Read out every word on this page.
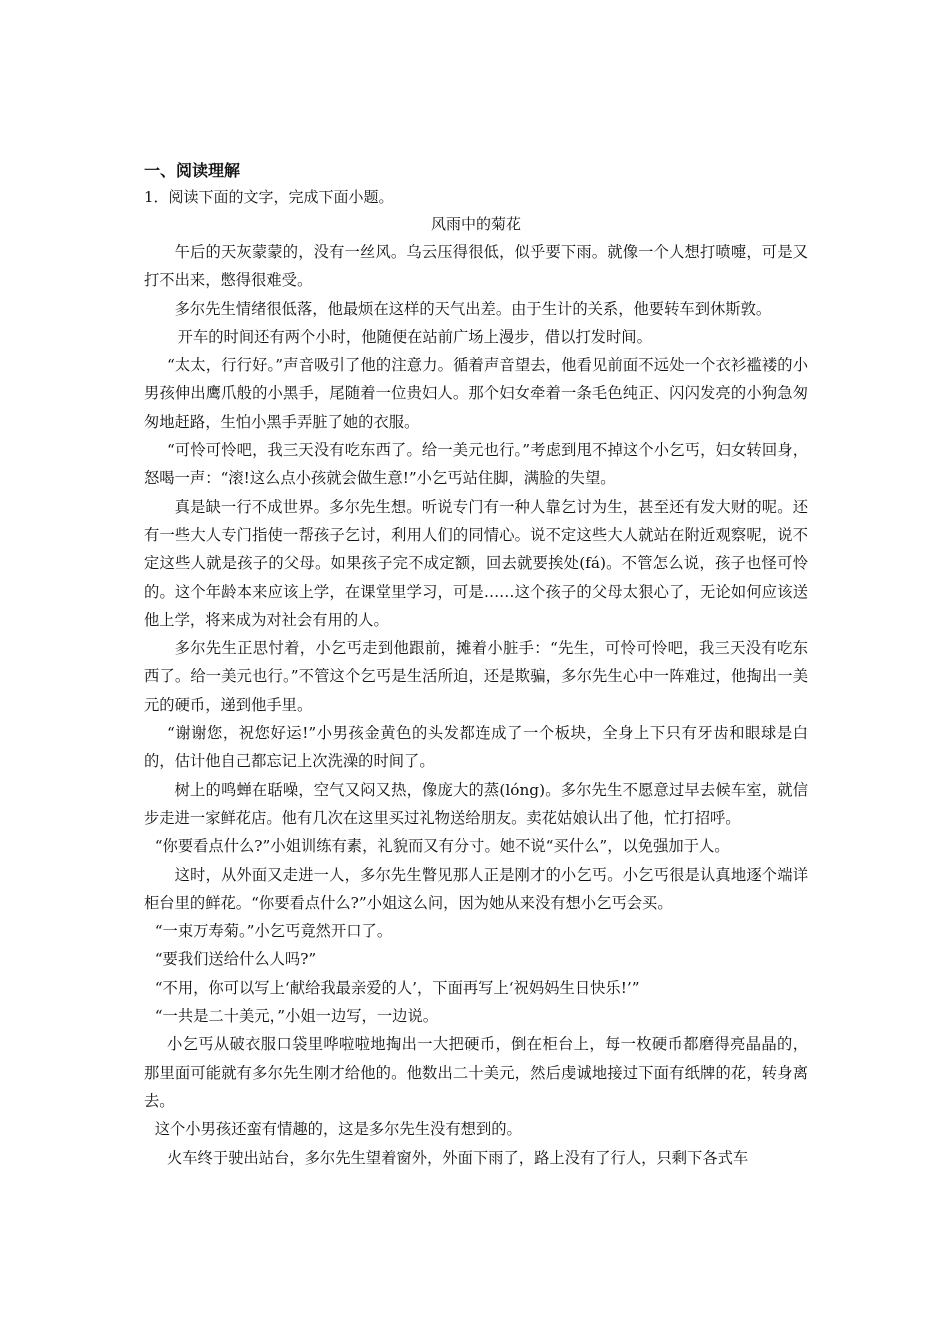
一、阅读理解

1．阅读下面的文字，完成下面小题。

风雨中的菊花

午后的天灰蒙蒙的，没有一丝风。乌云压得很低，似乎要下雨。就像一个人想打喷嚏，可是又打不出来，憋得很难受。

多尔先生情绪很低落，他最烦在这样的天气出差。由于生计的关系，他要转车到休斯敦。

开车的时间还有两个小时，他随便在站前广场上漫步，借以打发时间。

“太太，行行好。”声音吸引了他的注意力。循着声音望去，他看见前面不远处一个衣衫褴褛的小男孩伸出鹰爪般的小黑手，尾随着一位贵妇人。那个妇女牵着一条毛色纯正、闪闪发亮的小狗急匆匆地赶路，生怕小黑手弄脏了她的衣服。

“可怜可怜吧，我三天没有吃东西了。给一美元也行。”考虑到甩不掉这个小乞丐，妇女转回身，怒喝一声：“滚!这么点小孩就会做生意!”小乞丐站住脚，满脸的失望。

真是缺一行不成世界。多尔先生想。听说专门有一种人靠乞讨为生，甚至还有发大财的呢。还有一些大人专门指使一帮孩子乞讨，利用人们的同情心。说不定这些大人就站在附近观察呢，说不定这些人就是孩子的父母。如果孩子完不成定额，回去就要挨处(fá)。不管怎么说，孩子也怪可怜的。这个年龄本来应该上学，在课堂里学习，可是……这个孩子的父母太狠心了，无论如何应该送他上学，将来成为对社会有用的人。

多尔先生正思忖着，小乞丐走到他跟前，摊着小脏手：“先生，可怜可怜吧，我三天没有吃东西了。给一美元也行。”不管这个乞丐是生活所迫，还是欺骗，多尔先生心中一阵难过，他掏出一美元的硬币，递到他手里。

“谢谢您，祝您好运!”小男孩金黄色的头发都连成了一个板块，全身上下只有牙齿和眼球是白的，估计他自己都忘记上次洗澡的时间了。

树上的鸣蝉在聒噪，空气又闷又热，像庞大的蒸(lóng)。多尔先生不愿意过早去候车室，就信步走进一家鲜花店。他有几次在这里买过礼物送给朋友。卖花姑娘认出了他，忙打招呼。

“你要看点什么?”小姐训练有素，礼貌而又有分寸。她不说“买什么”，以免强加于人。

这时，从外面又走进一人，多尔先生瞥见那人正是刚才的小乞丐。小乞丐很是认真地逐个端详柜台里的鲜花。“你要看点什么?”小姐这么问，因为她从来没有想小乞丐会买。

“一束万寿菊。”小乞丐竟然开口了。

“要我们送给什么人吗?”

“不用，你可以写上‘献给我最亲爱的人’，下面再写上‘祝妈妈生日快乐!’”

“一共是二十美元，”小姐一边写，一边说。

小乞丐从破衣服口袋里哗啦啦地掏出一大把硬币，倒在柜台上，每一枚硬币都磨得亮晶晶的，那里面可能就有多尔先生刚才给他的。他数出二十美元，然后虔诚地接过下面有纸牌的花，转身离去。

这个小男孩还蛮有情趣的，这是多尔先生没有想到的。

火车终于驶出站台，多尔先生望着窗外，外面下雨了，路上没有了行人，只剩下各式车
